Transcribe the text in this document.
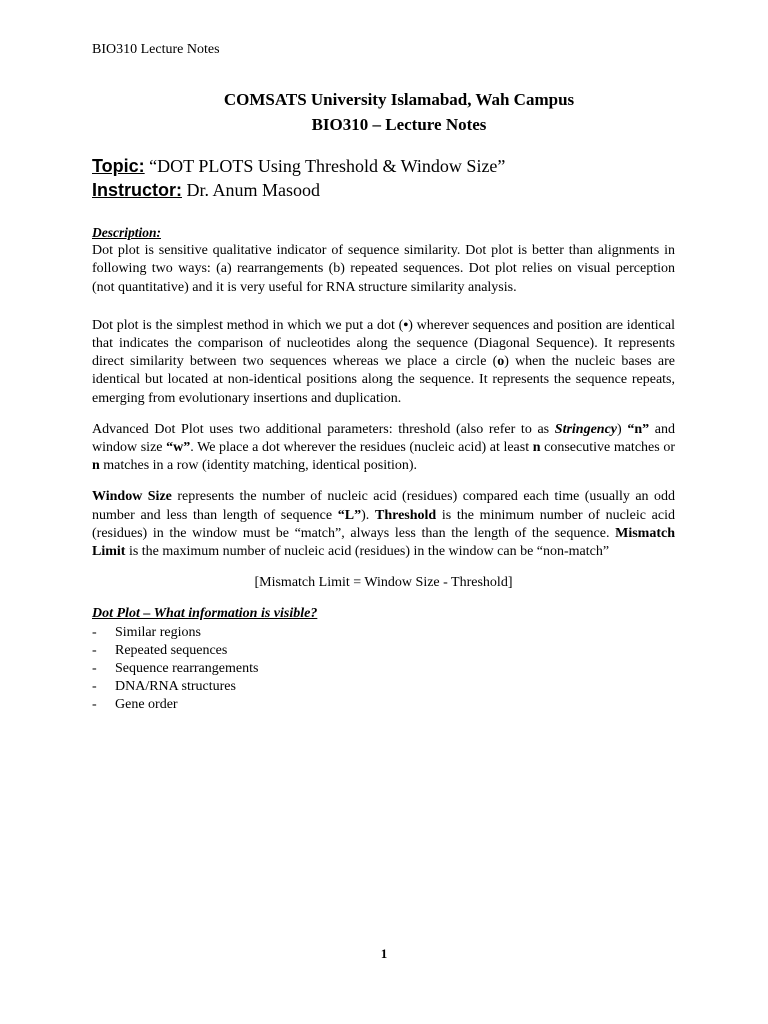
BIO310 Lecture Notes
COMSATS University Islamabad, Wah Campus
BIO310 – Lecture Notes
Topic: “DOT PLOTS Using Threshold & Window Size”
Instructor: Dr. Anum Masood

Description:

Dot plot is sensitive qualitative indicator of sequence similarity. Dot plot is better than alignments in following two ways: (a) rearrangements (b) repeated sequences. Dot plot relies on visual perception (not quantitative) and it is very useful for RNA structure similarity analysis.

Dot plot is the simplest method in which we put a dot (•) wherever sequences and position are identical that indicates the comparison of nucleotides along the sequence (Diagonal Sequence). It represents direct similarity between two sequences whereas we place a circle (o) when the nucleic bases are identical but located at non-identical positions along the sequence. It represents the sequence repeats, emerging from evolutionary insertions and duplication.

Advanced Dot Plot uses two additional parameters: threshold (also refer to as Stringency) “n” and window size “w”. We place a dot wherever the residues (nucleic acid) at least n consecutive matches or n matches in a row (identity matching, identical position).

Window Size represents the number of nucleic acid (residues) compared each time (usually an odd number and less than length of sequence “L”). Threshold is the minimum number of nucleic acid (residues) in the window must be “match”, always less than the length of the sequence. Mismatch Limit is the maximum number of nucleic acid (residues) in the window can be “non-match”

[Mismatch Limit = Window Size - Threshold]

Dot Plot – What information is visible?

- Similar regions
- Repeated sequences
- Sequence rearrangements
- DNA/RNA structures
- Gene order
1
